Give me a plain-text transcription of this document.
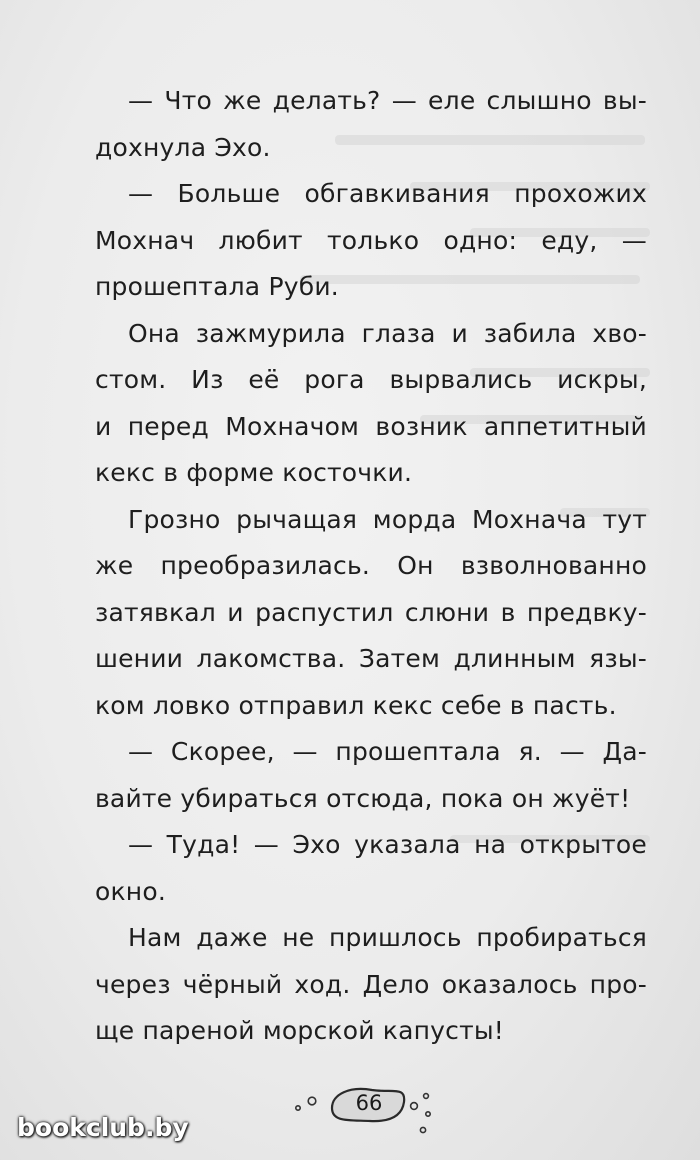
— Что же делать? — еле слышно вы-
дохнула Эхо.
— Больше обгавкивания прохожих
Мохнач любит только одно: еду, —
прошептала Руби.
Она зажмурила глаза и забила хво-
стом. Из её рога вырвались искры,
и перед Мохначом возник аппетитный
кекс в форме косточки.
Грозно рычащая морда Мохнача тут
же преобразилась. Он взволнованно
затявкал и распустил слюни в предвку-
шении лакомства. Затем длинным язы-
ком ловко отправил кекс себе в пасть.
— Скорее, — прошептала я. — Да-
вайте убираться отсюда, пока он жуёт!
— Туда! — Эхо указала на открытое
окно.
Нам даже не пришлось пробираться
через чёрный ход. Дело оказалось про-
ще пареной морской капусты!
66
bookclub.by
